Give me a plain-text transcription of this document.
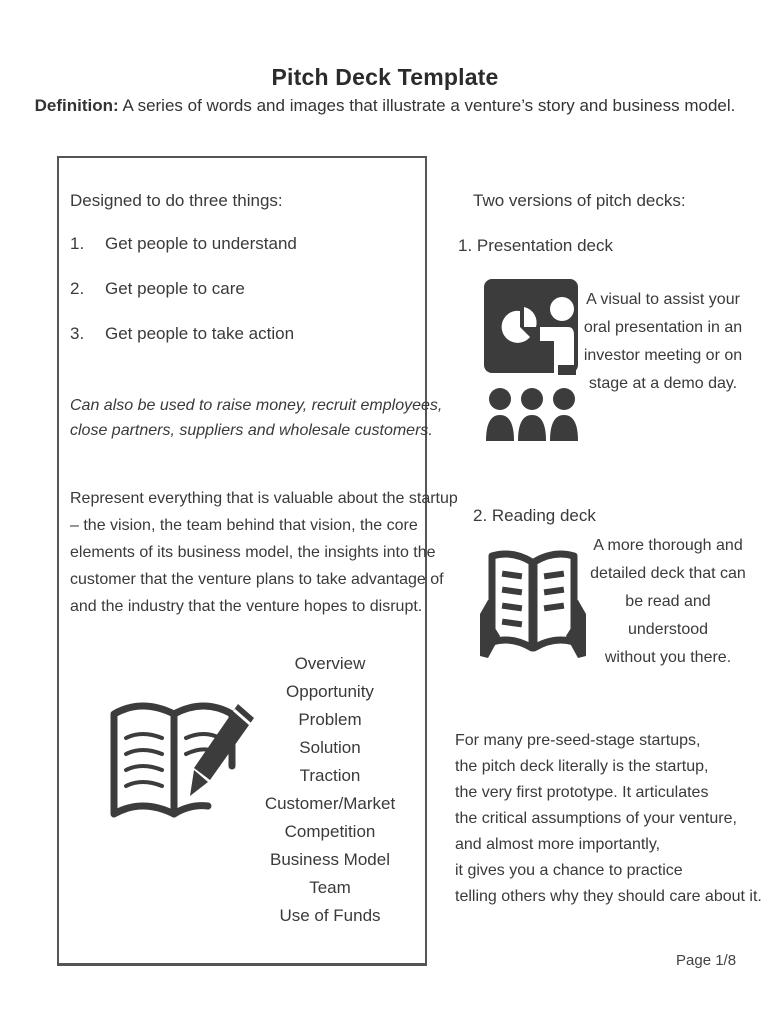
Pitch Deck Template
Definition: A series of words and images that illustrate a venture’s story and business model.
Designed to do three things:
1. Get people to understand
2. Get people to care
3. Get people to take action
Can also be used to raise money, recruit employees,
close partners, suppliers and wholesale customers.
Represent everything that is valuable about the startup
– the vision, the team behind that vision, the core
elements of its business model, the insights into the
customer that the venture plans to take advantage of
and the industry that the venture hopes to disrupt.
Overview
Opportunity
Problem
Solution
Traction
Customer/Market
Competition
Business Model
Team
Use of Funds
Two versions of pitch decks:
1. Presentation deck
A visual to assist your
oral presentation in an
investor meeting or on
stage at a demo day.
2. Reading deck
A more thorough and
detailed deck that can
be read and understood
without you there.
For many pre-seed-stage startups,
the pitch deck literally is the startup,
the very first prototype. It articulates
the critical assumptions of your venture,
and almost more importantly,
it gives you a chance to practice
telling others why they should care about it.
Page 1/8
